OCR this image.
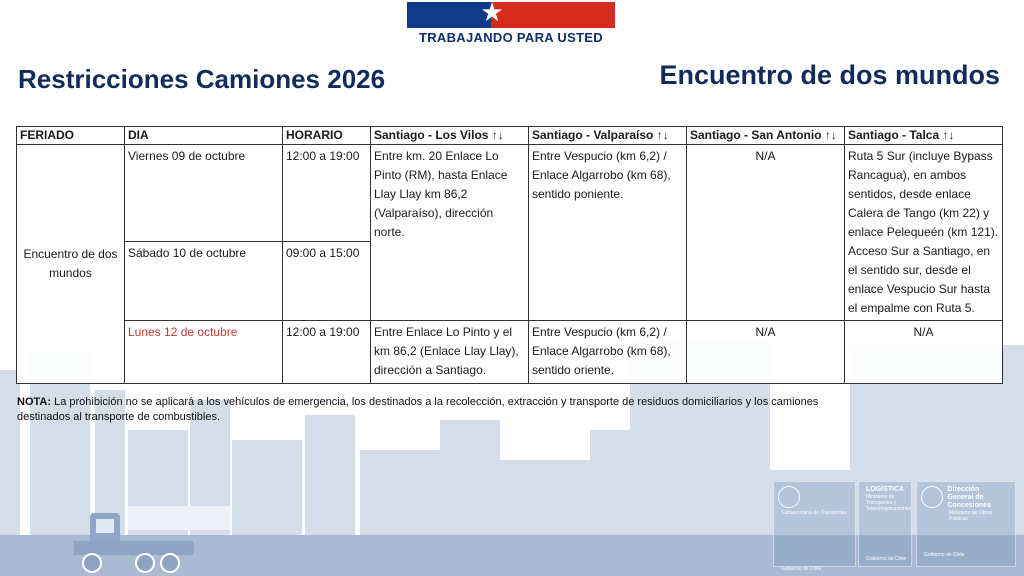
★
TRABAJANDO PARA USTED
Restricciones Camiones 2026	Encuentro de dos mundos
FERIADO	DIA	HORARIO	Santiago - Los Vilos ↑↓	Santiago - Valparaíso ↑↓	Santiago - San Antonio ↑↓	Santiago - Talca ↑↓
Encuentro de dos mundos	Viernes 09 de octubre	12:00 a 19:00	Entre km. 20 Enlace Lo Pinto (RM), hasta Enlace Llay Llay km 86,2 (Valparaíso), dirección norte.	Entre Vespucio (km 6,2) / Enlace Algarrobo (km 68), sentido poniente.	N/A	Ruta 5 Sur (incluye Bypass Rancagua), en ambos sentidos, desde enlace Calera de Tango (km 22) y enlace Pelequeén (km 121). Acceso Sur a Santiago, en el sentido sur, desde el enlace Vespucio Sur hasta el empalme con Ruta 5.
	Sábado 10 de octubre	09:00 a 15:00				
	Lunes 12 de octubre	12:00 a 19:00	Entre Enlace Lo Pinto y el km 86,2 (Enlace Llay Llay), dirección a Santiago.	Entre Vespucio (km 6,2) / Enlace Algarrobo (km 68), sentido oriente.	N/A	N/A
NOTA: La prohibición no se aplicará a los vehículos de emergencia, los destinados a la recolección, extracción y transporte de residuos domiciliarios y los camiones destinados al transporte de combustibles.
Subsecretaría de Transportes Gobierno de Chile
LOGÍSTICA Ministerio de Transportes y Telecomunicaciones Gobierno de Chile
Dirección General de Concesiones Ministerio de Obras Públicas Gobierno de Chile
